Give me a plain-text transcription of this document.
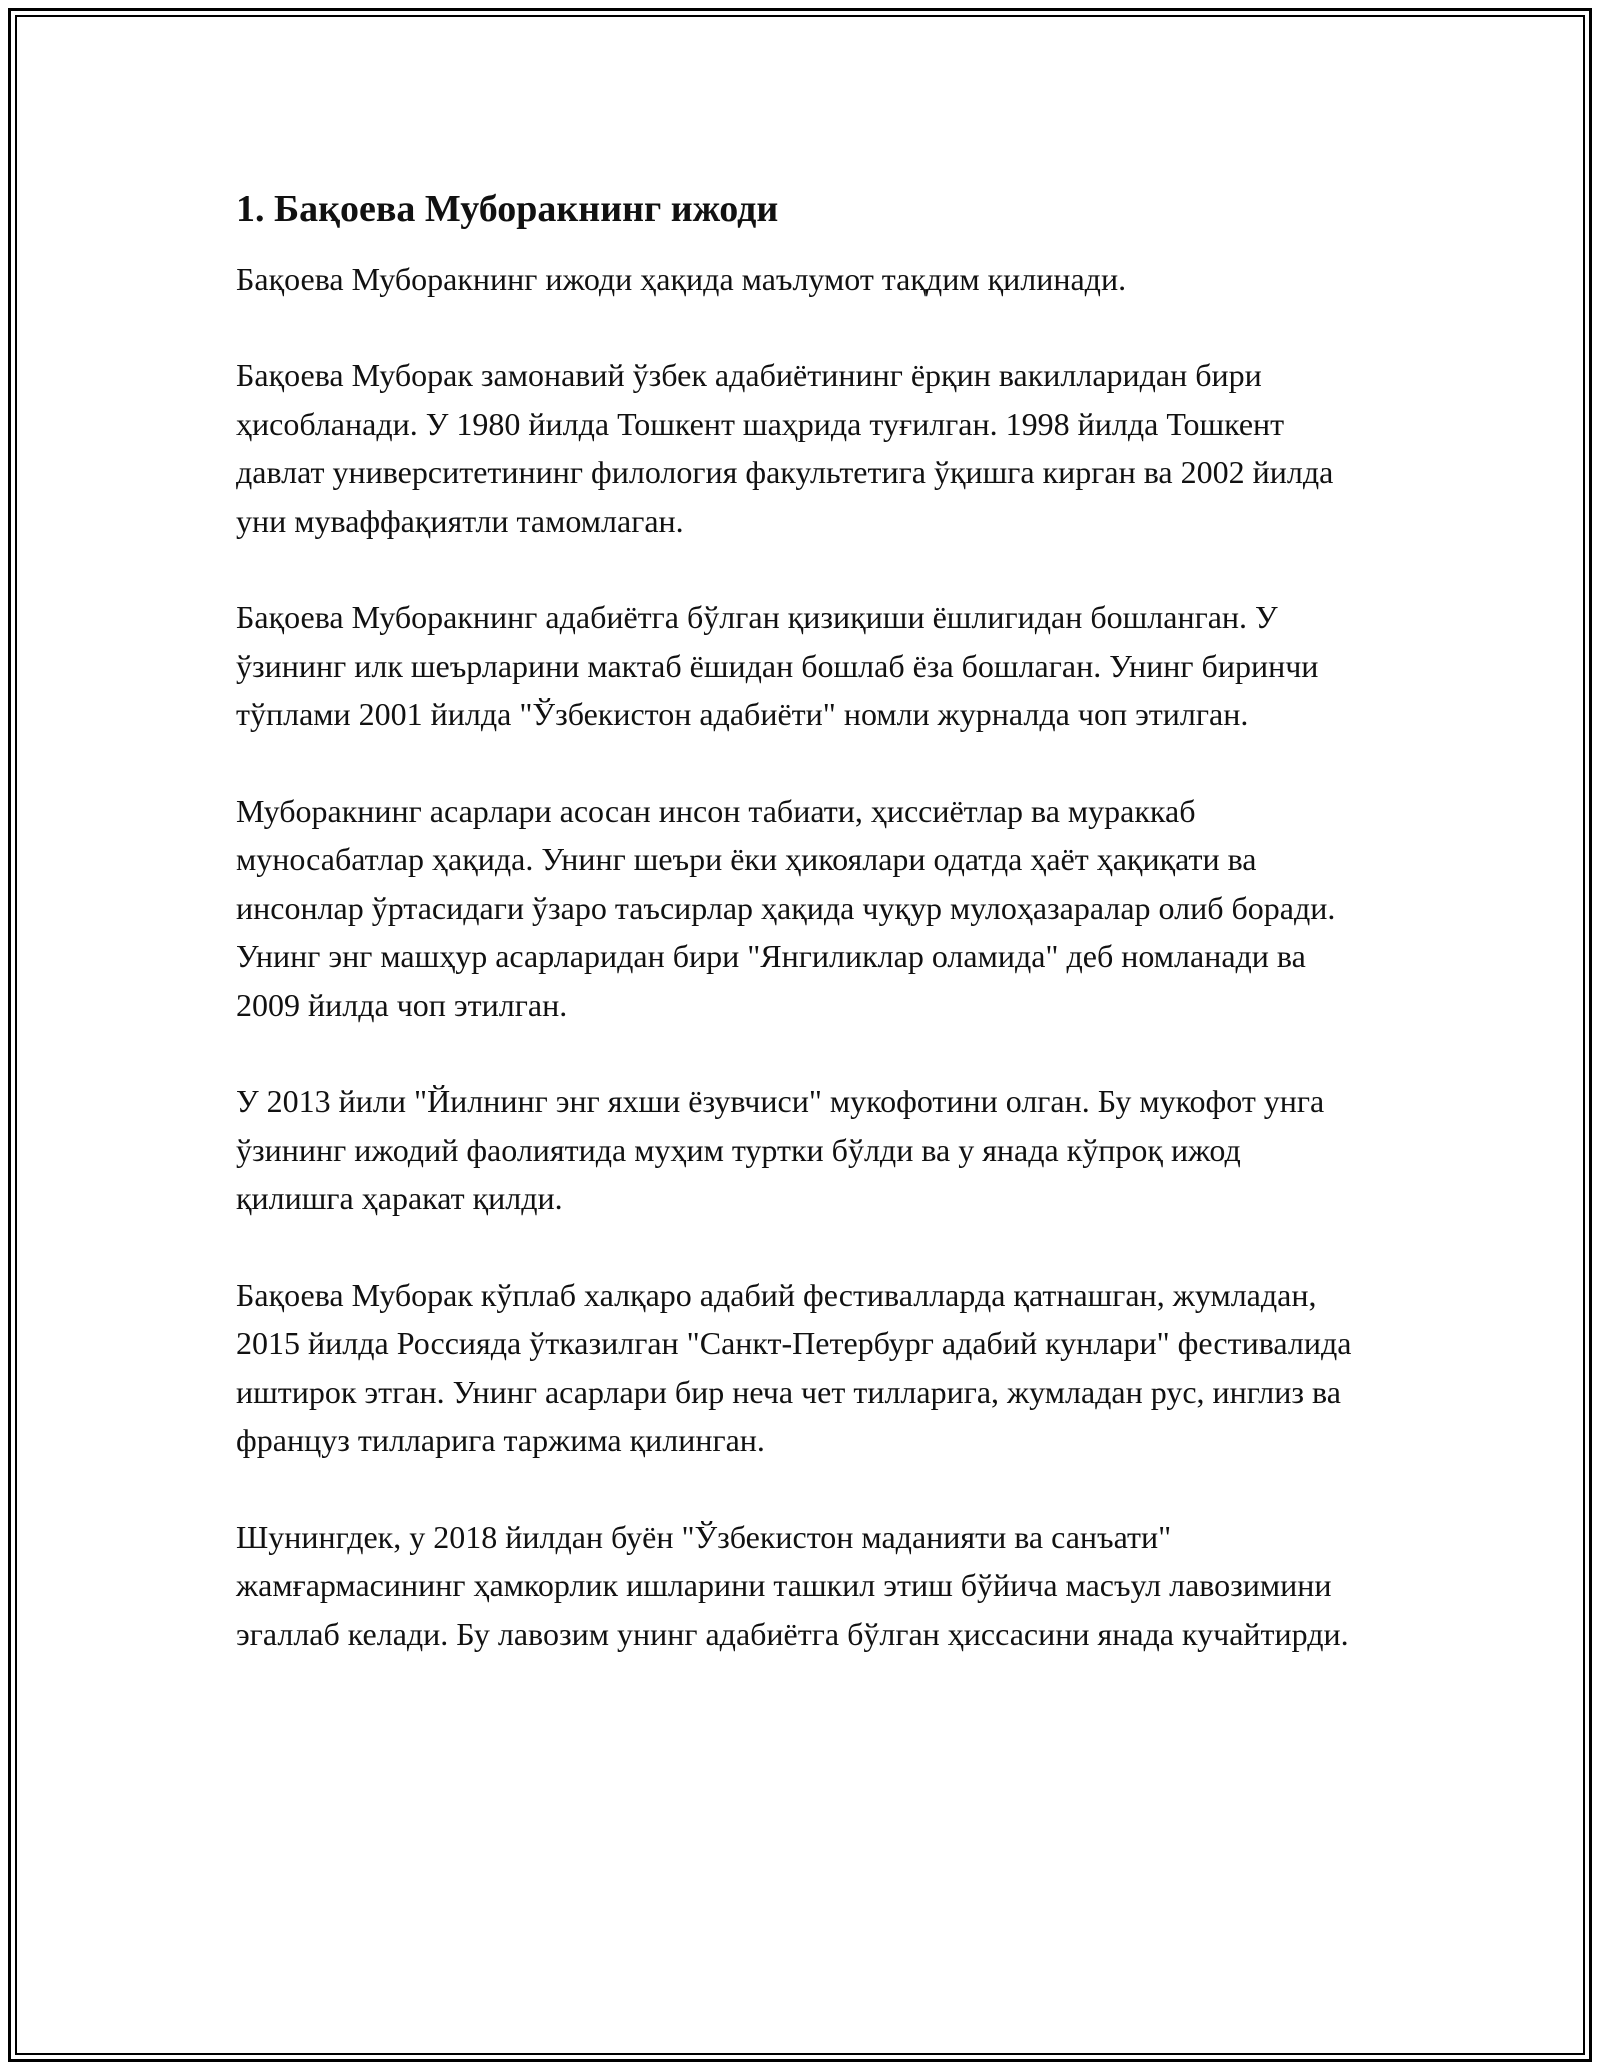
1. Бақоева Муборакнинг ижоди

Бақоева Муборакнинг ижоди ҳақида маълумот тақдим қилинади.

Бақоева Муборак замонавий ўзбек адабиётининг ёрқин вакилларидан бири ҳисобланади. У 1980 йилда Тошкент шаҳрида туғилган. 1998 йилда Тошкент давлат университетининг филология факультетига ўқишга кирган ва 2002 йилда уни муваффақиятли тамомлаган.

Бақоева Муборакнинг адабиётга бўлган қизиқиши ёшлигидан бошланган. У ўзининг илк шеърларини мактаб ёшидан бошлаб ёза бошлаган. Унинг биринчи тўплами 2001 йилда "Ўзбекистон адабиёти" номли журналда чоп этилган.

Муборакнинг асарлари асосан инсон табиати, ҳиссиётлар ва мураккаб муносабатлар ҳақида. Унинг шеъри ёки ҳикоялари одатда ҳаёт ҳақиқати ва инсонлар ўртасидаги ўзаро таъсирлар ҳақида чуқур мулоҳазаралар олиб боради. Унинг энг машҳур асарларидан бири "Янгиликлар оламида" деб номланади ва 2009 йилда чоп этилган.

У 2013 йили "Йилнинг энг яхши ёзувчиси" мукофотини олган. Бу мукофот унга ўзининг ижодий фаолиятида муҳим туртки бўлди ва у янада кўпроқ ижод қилишга ҳаракат қилди.

Бақоева Муборак кўплаб халқаро адабий фестивалларда қатнашган, жумладан, 2015 йилда Россияда ўтказилган "Санкт-Петербург адабий кунлари" фестивалида иштирок этган. Унинг асарлари бир неча чет тилларига, жумладан рус, инглиз ва француз тилларига таржима қилинган.

Шунингдек, у 2018 йилдан буён "Ўзбекистон маданияти ва санъати" жамғармасининг ҳамкорлик ишларини ташкил этиш бўйича масъул лавозимини эгаллаб келади. Бу лавозим унинг адабиётга бўлган ҳиссасини янада кучайтирди.
